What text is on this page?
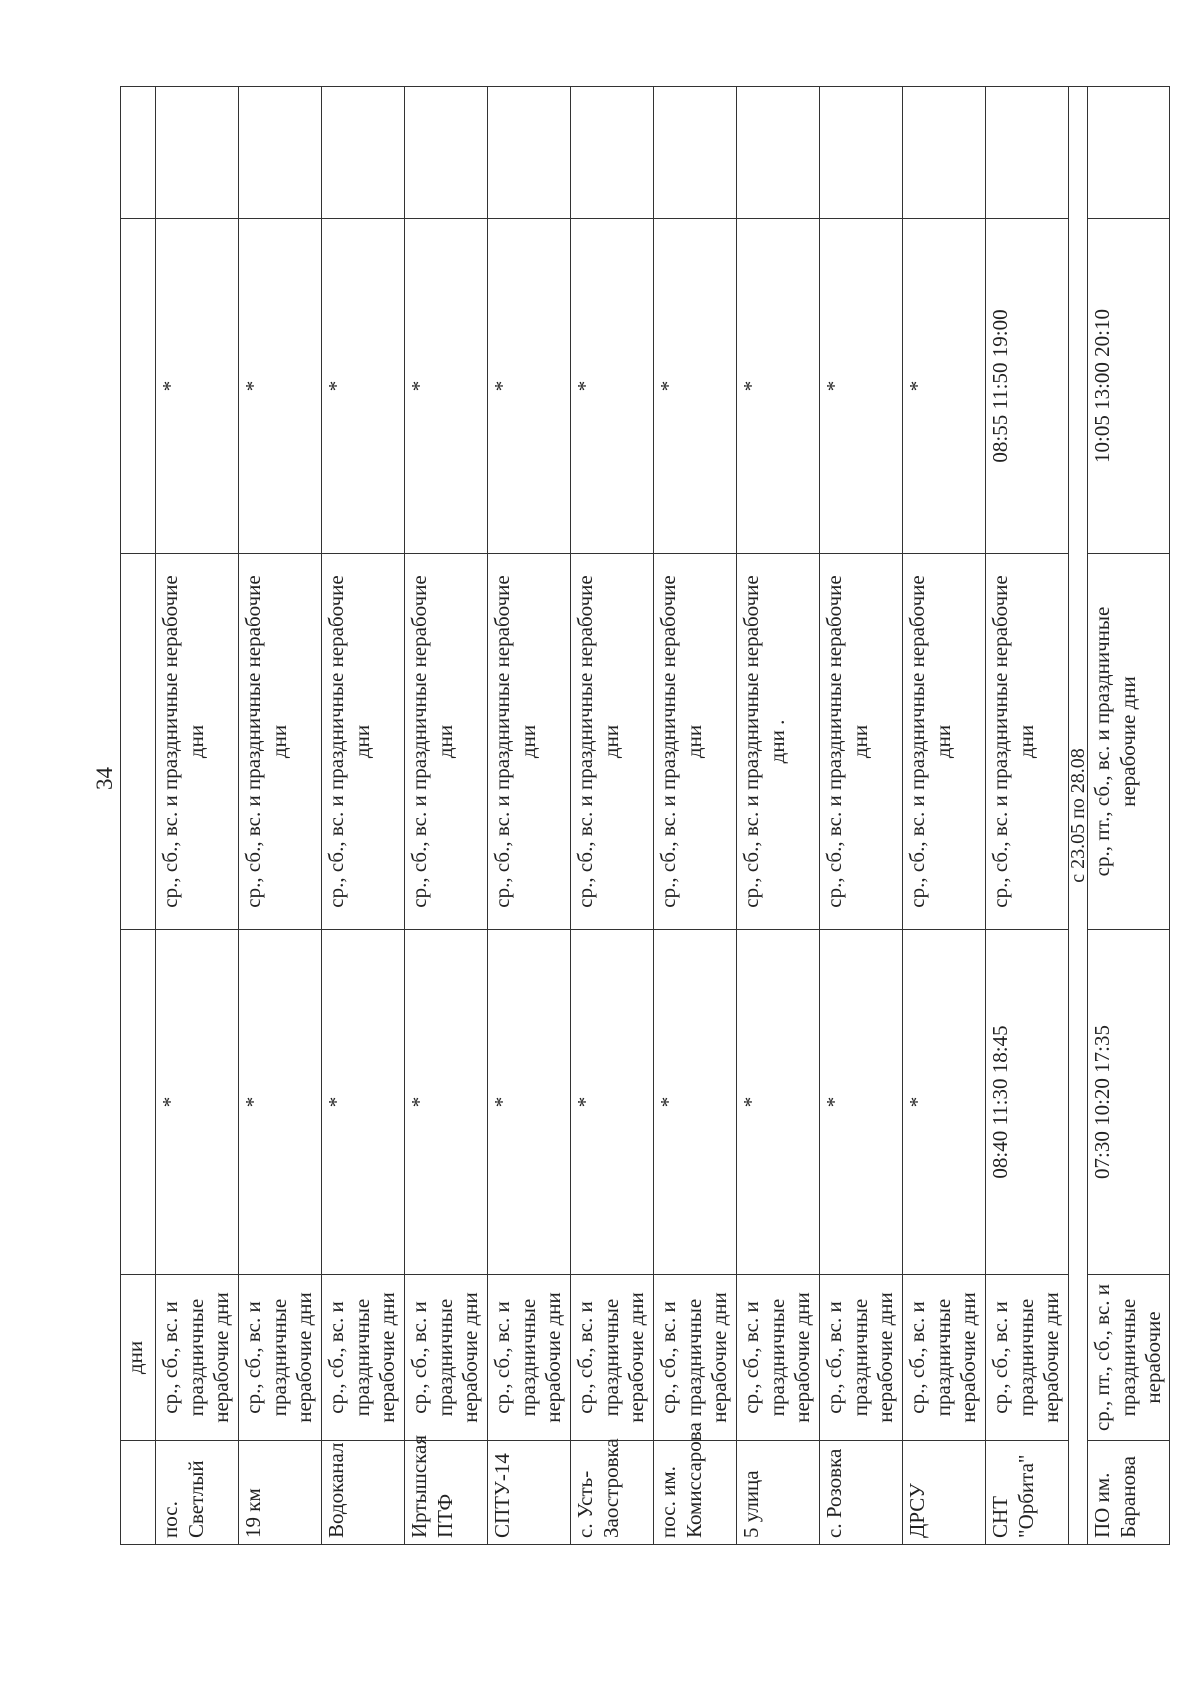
34
	дни				
пос. Светлый	ср., сб., вс. и праздничные нерабочие дни	*	ср., сб., вс. и праздничные нерабочие дни	*	
19 км	ср., сб., вс. и праздничные нерабочие дни	*	ср., сб., вс. и праздничные нерабочие дни	*	
Водоканал	ср., сб., вс. и праздничные нерабочие дни	*	ср., сб., вс. и праздничные нерабочие дни	*	
Иртышская ПТФ	ср., сб., вс. и праздничные нерабочие дни	*	ср., сб., вс. и праздничные нерабочие дни	*	
СПТУ-14	ср., сб., вс. и праздничные нерабочие дни	*	ср., сб., вс. и праздничные нерабочие дни	*	
с. Усть-Заостровка	ср., сб., вс. и праздничные нерабочие дни	*	ср., сб., вс. и праздничные нерабочие дни	*	
пос. им. Комиссарова	ср., сб., вс. и праздничные нерабочие дни	*	ср., сб., вс. и праздничные нерабочие дни	*	
5 улица	ср., сб., вс. и праздничные нерабочие дни	*	ср., сб., вс. и праздничные нерабочие дни .	*	
с. Розовка	ср., сб., вс. и праздничные нерабочие дни	*	ср., сб., вс. и праздничные нерабочие дни	*	
ДРСУ	ср., сб., вс. и праздничные нерабочие дни	*	ср., сб., вс. и праздничные нерабочие дни	*	
СНТ "Орбита"	ср., сб., вс. и праздничные нерабочие дни	08:40 11:30 18:45	ср., сб., вс. и праздничные нерабочие дни	08:55 11:50 19:00	
с 23.05 по 28.08					
ПО им. Баранова	ср., пт., сб., вс. и праздничные нерабочие	07:30 10:20 17:35	ср., пт., сб., вс. и праздничные нерабочие дни	10:05 13:00 20:10	
